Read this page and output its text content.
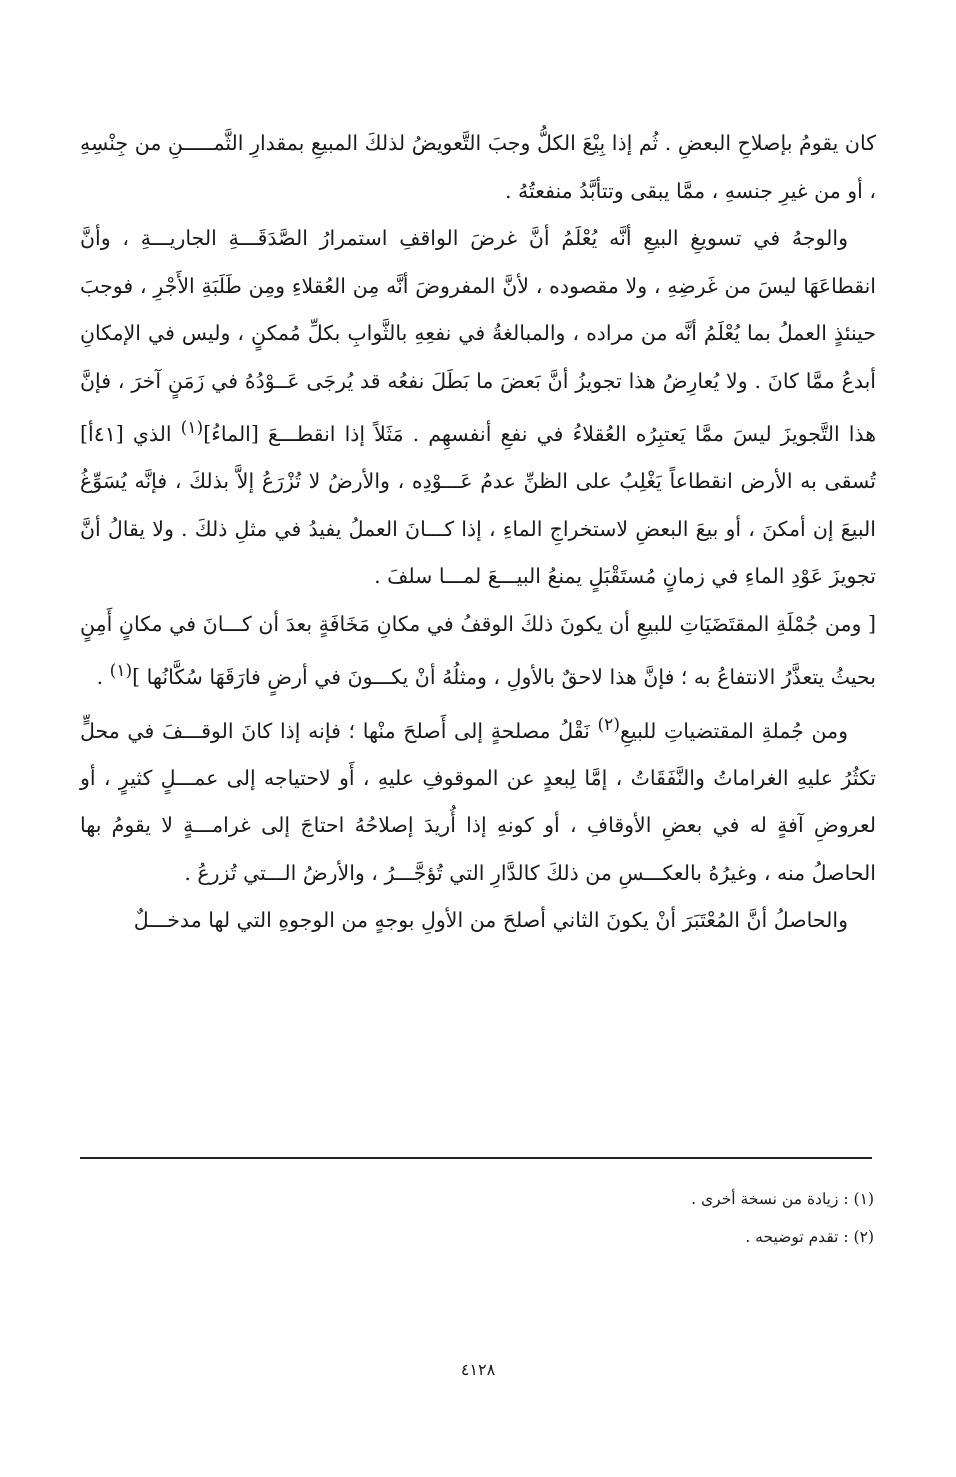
كان يقومُ بإصلاحِ البعضِ . ثُم إذا بِيْعَ الكلُّ وجبَ التَّعويضُ لذلكَ المبيعِ بمقدارِ الثَّمـــــنِ من جِنْسِهِ ، أو من غيرِ جنسهِ ، ممَّا يبقى وتتأبَّدُ منفعتُهُ .

والوجهُ في تسويغِ البيعِ أنَّه يُعْلَمُ أنَّ غرضَ الواقفِ استمرارُ الصَّدَقَـــةِ الجاريـــةِ ، وأنَّ انقطاعَهَا ليسَ من غَرضِهِ ، ولا مقصوده ، لأنَّ المفروضَ أنَّه مِن العُقلاءِ ومِن طَلَبَةِ الأَجْرِ ، فوجبَ حينئذٍ العملُ بما يُعْلَمُ أنَّه من مراده ، والمبالغةُ في نفعِهِ بالثَّوابِ بكلِّ مُمكنٍ ، وليس في الإمكانِ أبدعُ ممَّا كانَ . ولا يُعارِضُ هذا تجويزُ أنَّ بَعضَ ما بَطَلَ نفعُه قد يُرجَى عَــوْدُهُ في زَمَنٍ آخرَ ، فإنَّ هذا التَّجويزَ ليسَ ممَّا يَعتبِرُه العُقلاءُ في نفعِ أنفسهِم . مَثَلاً إذا انقطـــعَ [الماءُ]$^{(١)}$ الذي [٤١أ] تُسقى به الأرض انقطاعاً يَغْلِبُ على الظنِّ عدمُ عَـــوْدِه ، والأرضُ لا تُزْرَعُ إلاَّ بذلكَ ، فإنَّه يُسَوِّغُ البيعَ إن أمكنَ ، أو بيعَ البعضِ لاستخراجِ الماءِ ، إذا كـــانَ العملُ يفيدُ في مثلِ ذلكَ . ولا يقالُ أنَّ تجويزَ عَوْدِ الماءِ في زمانٍ مُستَقْبَلٍ يمنعُ البيـــعَ لمـــا سلفَ .

[ ومن جُمْلَةِ المقتَضَيَاتِ للبيعِ أن يكونَ ذلكَ الوقفُ في مكانِ مَخَافَةٍ بعدَ أن كـــانَ في مكانٍ أَمِنٍ بحيثُ يتعذَّرُ الانتفاعُ به ؛ فإنَّ هذا لاحقٌ بالأولِ ، ومثلُهُ أنْ يكـــونَ في أرضٍ فارَقَهَا سُكَّانُها ]$^{(١)}$ .

ومن جُملةِ المقتضياتِ للبيعِ$^{(٢)}$ نَقْلُ مصلحةٍ إلى أَصلحَ منْها ؛ فإنه إذا كانَ الوقـــفَ في محلٍّ تكثُرُ عليهِ الغراماتُ والنَّفَقَاتُ ، إمَّا لِبعدٍ عن الموقوفِ عليهِ ، أَو لاحتياجه إلى عمـــلٍ كثيرٍ ، أو لعروضِ آفةٍ له في بعضِ الأوقافِ ، أو كونهِ إذا أُريدَ إصلاحُهُ احتاجَ إلى غرامـــةٍ لا يقومُ بها الحاصلُ منه ، وغيرُهُ بالعكـــسِ من ذلكَ كالدَّارِ التي تُؤجَّـــرُ ، والأرضُ الـــتي تُزرعُ .

والحاصلُ أنَّ المُعْتَبَرَ أنْ يكونَ الثاني أصلحَ من الأولِ بوجهٍ من الوجوهِ التي لها مدخـــلٌ

(١) : زيادة من نسخة أخرى .
(٢) : تقدم توضيحه .
٤١٢٨
